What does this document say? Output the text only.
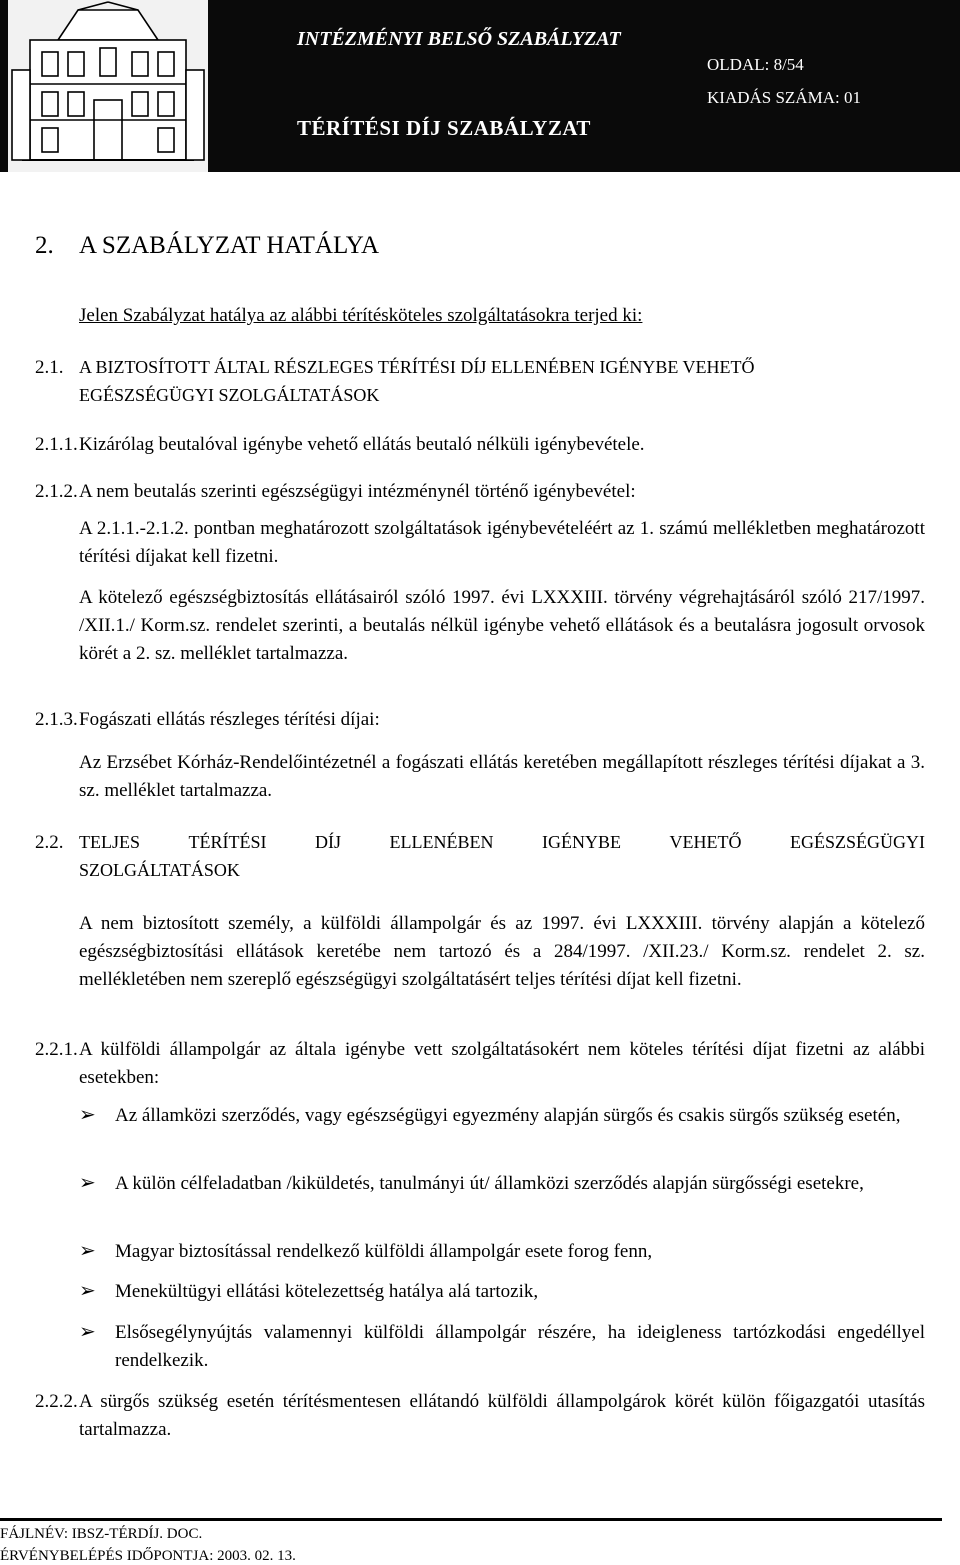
INTÉZMÉNYI BELSŐ SZABÁLYZAT
TÉRÍTÉSI DÍJ SZABÁLYZAT
OLDAL: 8/54
KIADÁS SZÁMA: 01
2. A SZABÁLYZAT HATÁLYA
Jelen Szabályzat hatálya az alábbi térítésköteles szolgáltatásokra terjed ki:
2.1. A BIZTOSÍTOTT ÁLTAL RÉSZLEGES TÉRÍTÉSI DÍJ ELLENÉBEN IGÉNYBE VEHETŐ
EGÉSZSÉGÜGYI SZOLGÁLTATÁSOK
2.1.1. Kizárólag beutalóval igénybe vehető ellátás beutaló nélküli igénybevétele.
2.1.2. A nem beutalás szerinti egészségügyi intézménynél történő igénybevétel:
A 2.1.1.-2.1.2. pontban meghatározott szolgáltatások igénybevételéért az 1. számú mellékletben meghatározott térítési díjakat kell fizetni.
A kötelező egészségbiztosítás ellátásairól szóló 1997. évi LXXXIII. törvény végrehajtásáról szóló 217/1997. /XII.1./ Korm.sz. rendelet szerinti, a beutalás nélkül igénybe vehető ellátások és a beutalásra jogosult orvosok körét a 2. sz. melléklet tartalmazza.
2.1.3. Fogászati ellátás részleges térítési díjai:
Az Erzsébet Kórház-Rendelőintézetnél a fogászati ellátás keretében megállapított részleges térítési díjakat a 3. sz. melléklet tartalmazza.
2.2. TELJES	TÉRÍTÉSI	DÍJ	ELLENÉBEN	IGÉNYBE	VEHETŐ	EGÉSZSÉGÜGYI
SZOLGÁLTATÁSOK
A nem biztosított személy, a külföldi állampolgár és az 1997. évi LXXXIII. törvény alapján a kötelező egészségbiztosítási ellátások keretébe nem tartozó és a 284/1997. /XII.23./ Korm.sz. rendelet 2. sz. mellékletében nem szereplő egészségügyi szolgáltatásért teljes térítési díjat kell fizetni.
2.2.1. A külföldi állampolgár az általa igénybe vett szolgáltatásokért nem köteles térítési díjat fizetni az alábbi esetekben:
➢ Az államközi szerződés, vagy egészségügyi egyezmény alapján sürgős és csakis sürgős szükség esetén,
➢ A külön célfeladatban /kiküldetés, tanulmányi út/ államközi szerződés alapján sürgősségi esetekre,
➢ Magyar biztosítással rendelkező külföldi állampolgár esete forog fenn,
➢ Menekültügyi ellátási kötelezettség hatálya alá tartozik,
➢ Elsősegélynyújtás valamennyi külföldi állampolgár részére, ha ideigleness tartózkodási engedéllyel rendelkezik.
2.2.2. A sürgős szükség esetén térítésmentesen ellátandó külföldi állampolgárok körét külön főigazgatói utasítás tartalmazza.
FÁJLNÉV: IBSZ-TÉRDÍJ. DOC.
ÉRVÉNYBELÉPÉS IDŐPONTJA: 2003. 02. 13.
